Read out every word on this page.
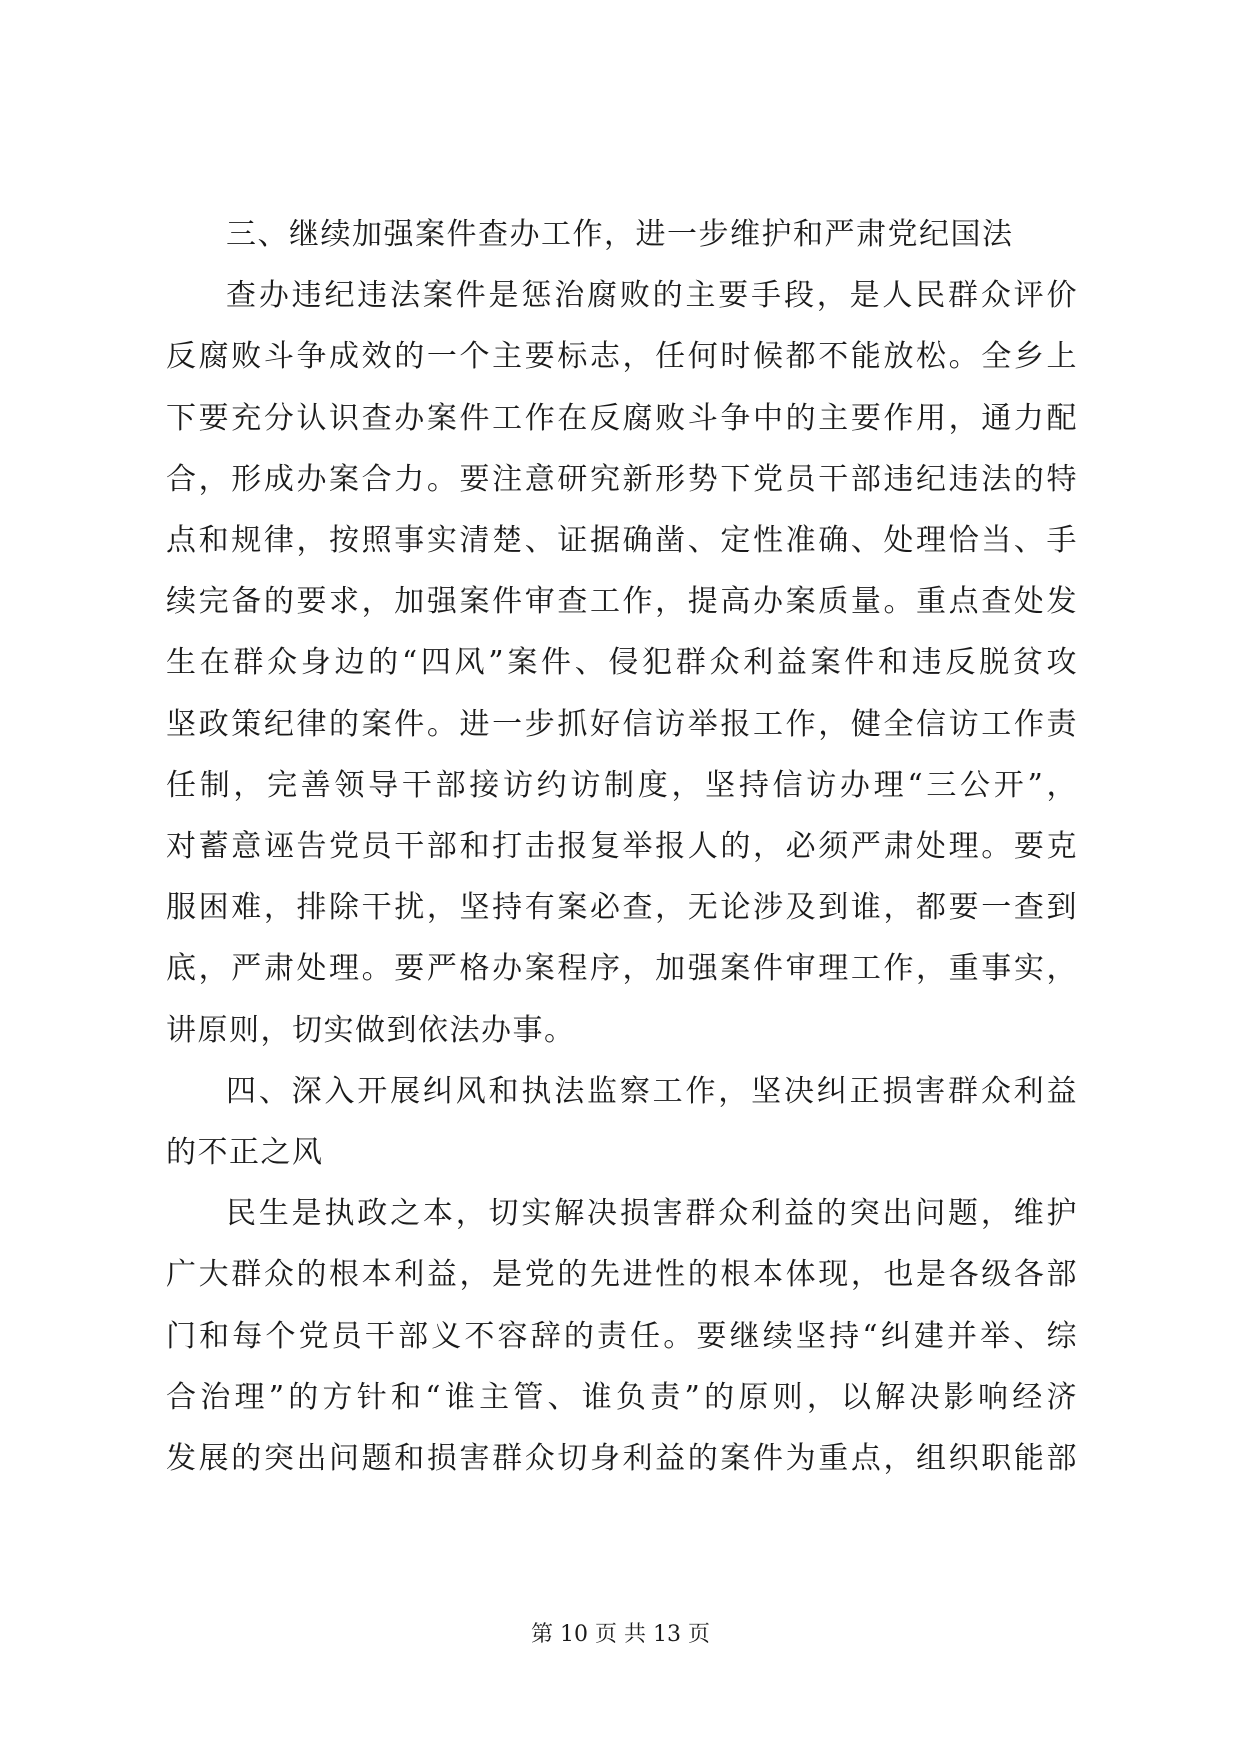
三、继续加强案件查办工作，进一步维护和严肃党纪国法
查办违纪违法案件是惩治腐败的主要手段，是人民群众评价
反腐败斗争成效的一个主要标志，任何时候都不能放松。全乡上
下要充分认识查办案件工作在反腐败斗争中的主要作用，通力配
合，形成办案合力。要注意研究新形势下党员干部违纪违法的特
点和规律，按照事实清楚、证据确凿、定性准确、处理恰当、手
续完备的要求，加强案件审查工作，提高办案质量。重点查处发
生在群众身边的“四风”案件、侵犯群众利益案件和违反脱贫攻
坚政策纪律的案件。进一步抓好信访举报工作，健全信访工作责
任制，完善领导干部接访约访制度，坚持信访办理“三公开”，
对蓄意诬告党员干部和打击报复举报人的，必须严肃处理。要克
服困难，排除干扰，坚持有案必查，无论涉及到谁，都要一查到
底，严肃处理。要严格办案程序，加强案件审理工作，重事实，
讲原则，切实做到依法办事。
四、深入开展纠风和执法监察工作，坚决纠正损害群众利益
的不正之风
民生是执政之本，切实解决损害群众利益的突出问题，维护
广大群众的根本利益，是党的先进性的根本体现，也是各级各部
门和每个党员干部义不容辞的责任。要继续坚持“纠建并举、综
合治理”的方针和“谁主管、谁负责”的原则，以解决影响经济
发展的突出问题和损害群众切身利益的案件为重点，组织职能部
第 10 页 共 13 页
